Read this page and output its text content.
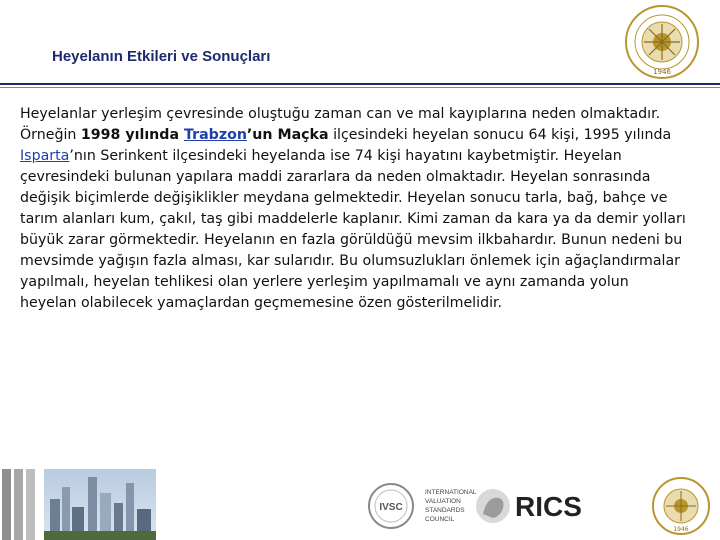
Heyelanın Etkileri ve Sonuçları
1946

Heyelanlar yerleşim çevresinde oluştuğu zaman can ve mal kayıplarına neden olmaktadır. Örneğin 1998 yılında Trabzon’un Maçka ilçesindeki heyelan sonucu 64 kişi, 1995 yılında Isparta’nın Serinkent ilçesindeki heyelanda ise 74 kişi hayatını kaybetmiştir. Heyelan çevresindeki bulunan yapılara maddi zararlara da neden olmaktadır. Heyelan sonrasında değişik biçimlerde değişiklikler meydana gelmektedir. Heyelan sonucu tarla, bağ, bahçe ve tarım alanları kum, çakıl, taş gibi maddelerle kaplanır. Kimi zaman da kara ya da demir yolları büyük zarar görmektedir. Heyelanın en fazla görüldüğü mevsim ilkbahardır. Bunun nedeni bu mevsimde yağışın fazla alması, kar sularıdır. Bu olumsuzlukları önlemek için ağaçlandırmalar yapılmalı, heyelan tehlikesi olan yerlere yerleşim yapılmamalı ve aynı zamanda yolun heyelan olabilecek yamaçlardan geçmemesine özen gösterilmelidir.

IVSC
INTERNATIONAL
VALUATION
STANDARDS
COUNCIL RICS
1946
